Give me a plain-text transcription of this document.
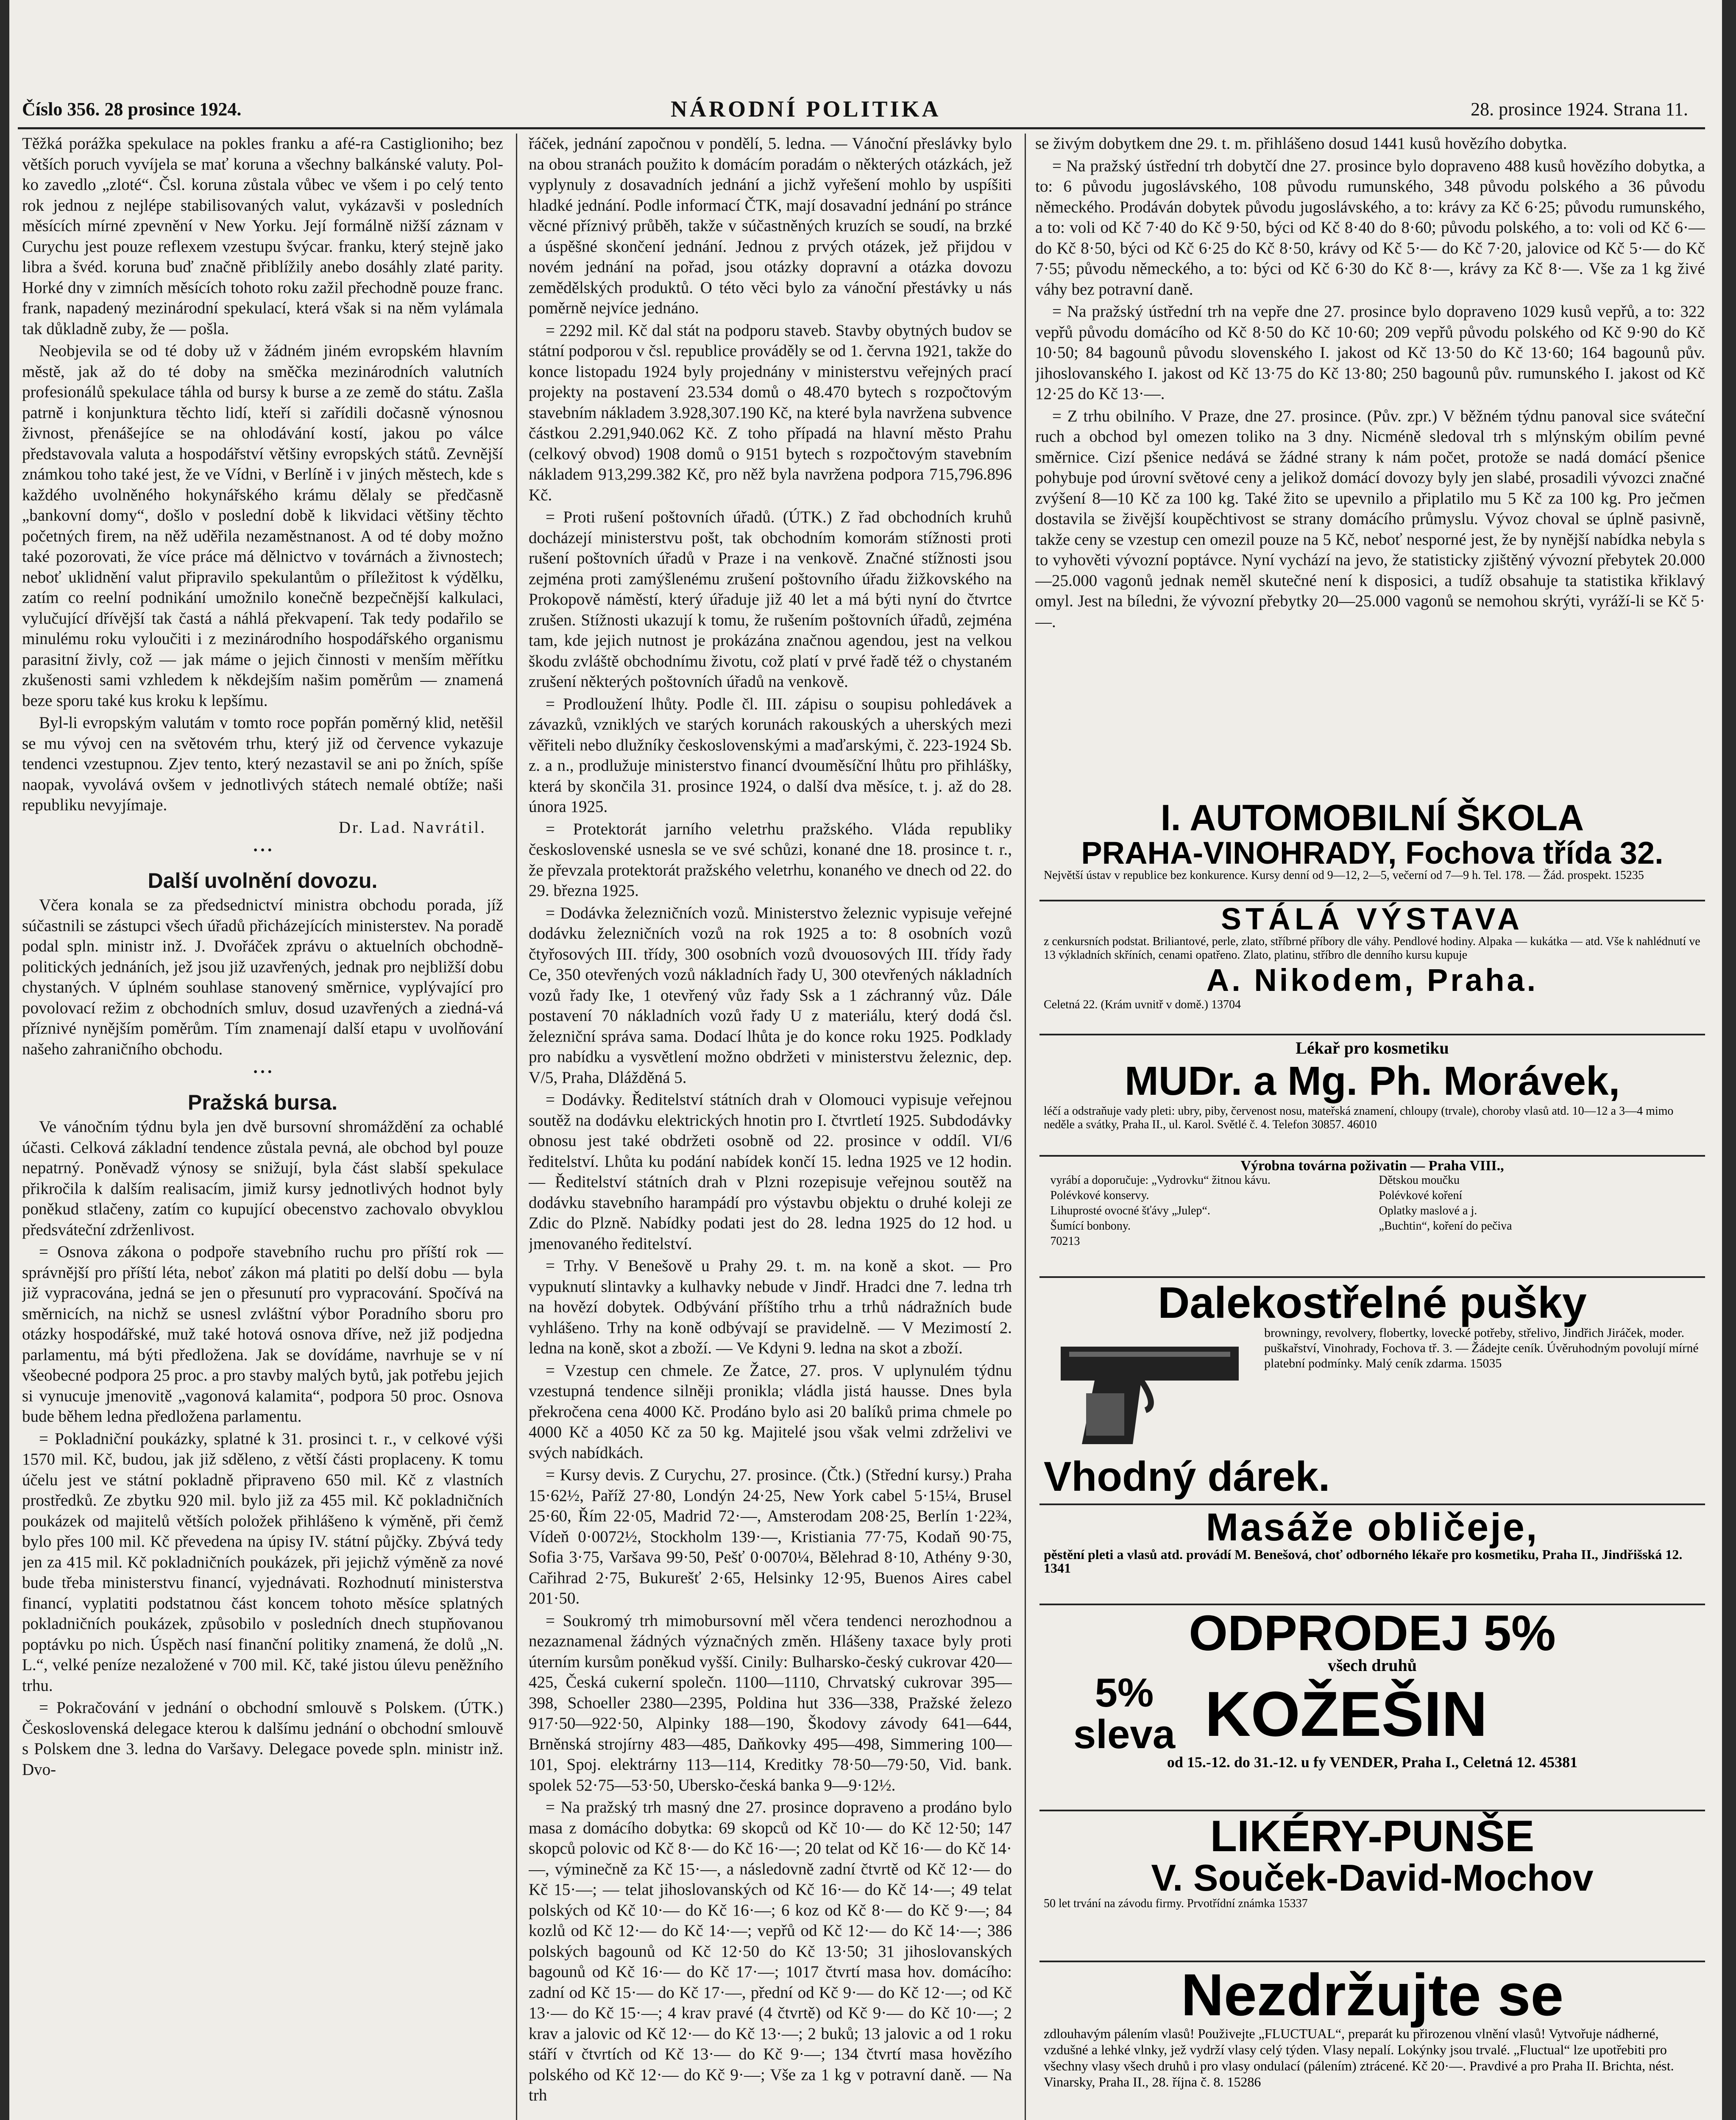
Číslo 356. 28 prosince 1924.	NÁRODNÍ POLITIKA	28. prosince 1924. Strana 11.

Těžká porážka spekulace na pokles franku a afé-ra Castiglioniho; bez větších poruch vyvíjela se mať koruna a všechny balkánské valuty. Pol-ko zavedlo „zloté“. Čsl. koruna zůstala vůbec ve všem i po celý tento rok jednou z nejlépe stabilisovaných valut, vykázavši v posledních měsících mírné zpevnění v New Yorku. Její formálně nižší záznam v Curychu jest pouze reflexem vzestupu švýcar. franku, který stejně jako libra a švéd. koruna buď značně přiblížily anebo dosáhly zlaté parity. Horké dny v zimních měsících tohoto roku zažil přechodně pouze franc. frank, napadený mezinárodní spekulací, která však si na něm vylámala tak důkladně zuby, že — pošla.

Neobjevila se od té doby už v žádném jiném evropském hlavním městě, jak až do té doby na směčka mezinárodních valutních profesionálů spekulace táhla od bursy k burse a ze země do státu. Zašla patrně i konjunktura těchto lidí, kteří si zařídili dočasně výnosnou živnost, přenášejíce se na ohlodávání kostí, jakou po válce představovala valuta a hospodářství většiny evropských států. Zevnější známkou toho také jest, že ve Vídni, v Berlíně i v jiných městech, kde s každého uvolněného hokynářského krámu dělaly se předčasně „bankovní domy“, došlo v poslední době k likvidaci většiny těchto početných firem, na něž uděřila nezaměstnanost. A od té doby možno také pozorovati, že více práce má dělnictvo v továrnách a živnostech; neboť uklidnění valut připravilo spekulantům o příležitost k výdělku, zatím co reelní podnikání umožnilo konečně bezpečnější kalkulaci, vylučující dřívější tak častá a náhlá překvapení. Tak tedy podařilo se minulému roku vyloučiti i z mezinárodního hospodářského organismu parasitní živly, což — jak máme o jejich činnosti v menším měřítku zkušenosti sami vzhledem k někdejším našim poměrům — znamená beze sporu také kus kroku k lepšímu.

Byl-li evropským valutám v tomto roce popřán poměrný klid, netěšil se mu vývoj cen na světovém trhu, který již od července vykazuje tendenci vzestupnou. Zjev tento, který nezastavil se ani po žních, spíše naopak, vyvolává ovšem v jednotlivých státech nemalé obtíže; naši republiku nevyjímaje.

Dr. Lad. Navrátil.
• • •
Další uvolnění dovozu.

Včera konala se za předsednictví ministra obchodu porada, jíž súčastnili se zástupci všech úřadů přicházejících ministerstev. Na poradě podal spln. ministr inž. J. Dvořáček zprávu o aktuelních obchodně-politických jednáních, jež jsou již uzavřených, jednak pro nejbližší dobu chystaných. V úplném souhlase stanovený směrnice, vyplývající pro povolovací režim z obchodních smluv, dosud uzavřených a ziedná-vá příznivé nynějším poměrům. Tím znamenají další etapu v uvolňování našeho zahraničního obchodu.

• • •
Pražská bursa.

Ve vánočním týdnu byla jen dvě bursovní shromáždění za ochablé účasti. Celková základní tendence zůstala pevná, ale obchod byl pouze nepatrný. Poněvadž výnosy se snižují, byla část slabší spekulace přikročila k dalším realisacím, jimiž kursy jednotlivých hodnot byly poněkud stlačeny, zatím co kupující obecenstvo zachovalo obvyklou předsváteční zdrženlivost.

= Osnova zákona o podpoře stavebního ruchu pro příští rok — správnější pro příští léta, neboť zákon má platiti po delší dobu — byla již vypracována, jedná se jen o přesunutí pro vypracování. Spočívá na směrnicích, na nichž se usnesl zvláštní výbor Poradního sboru pro otázky hospodářské, muž také hotová osnova dříve, než již podjedna parlamentu, má býti předložena. Jak se dovídáme, navrhuje se v ní všeobecné podpora 25 proc. a pro stavby malých bytů, jak potřebu jejich si vynucuje jmenovitě „vagonová kalamita“, podpora 50 proc. Osnova bude během ledna předložena parlamentu.

= Pokladniční poukázky, splatné k 31. prosinci t. r., v celkové výši 1570 mil. Kč, budou, jak již sděleno, z větší části proplaceny. K tomu účelu jest ve státní pokladně připraveno 650 mil. Kč z vlastních prostředků. Ze zbytku 920 mil. bylo již za 455 mil. Kč pokladničních poukázek od majitelů větších položek přihlášeno k výměně, při čemž bylo přes 100 mil. Kč převedena na úpisy IV. státní půjčky. Zbývá tedy jen za 415 mil. Kč pokladničních poukázek, při jejichž výměně za nové bude třeba ministerstvu financí, vyjednávati. Rozhodnutí ministerstva financí, vyplatiti podstatnou část koncem tohoto měsíce splatných pokladničních poukázek, způsobilo v posledních dnech stupňovanou poptávku po nich. Úspěch nasí finanční politiky znamená, že dolů „N. L.“, velké peníze nezaložené v 700 mil. Kč, také jistou úlevu peněžního trhu.

= Pokračování v jednání o obchodní smlouvě s Polskem. (ÚTK.) Československá delegace kterou k dalšímu jednání o obchodní smlouvě s Polskem dne 3. ledna do Varšavy. Delegace povede spln. ministr inž. Dvo-

řáček, jednání započnou v pondělí, 5. ledna. — Vánoční přeslávky bylo na obou stranách použito k domácím poradám o některých otázkách, jež vyplynuly z dosavadních jednání a jichž vyřešení mohlo by uspíšiti hladké jednání. Podle informací ČTK, mají dosavadní jednání po stránce věcné příznivý průběh, takže v súčastněných kruzích se soudí, na brzké a úspěšné skončení jednání. Jednou z prvých otázek, jež přijdou v novém jednání na pořad, jsou otázky dopravní a otázka dovozu zemědělských produktů. O této věci bylo za vánoční přestávky u nás poměrně nejvíce jednáno.

= 2292 mil. Kč dal stát na podporu staveb. Stavby obytných budov se státní podporou v čsl. republice prováděly se od 1. června 1921, takže do konce listopadu 1924 byly projednány v ministerstvu veřejných prací projekty na postavení 23.534 domů o 48.470 bytech s rozpočtovým stavebním nákladem 3.928,307.190 Kč, na které byla navržena subvence částkou 2.291,940.062 Kč. Z toho případá na hlavní město Prahu (celkový obvod) 1908 domů o 9151 bytech s rozpočtovým stavebním nákladem 913,299.382 Kč, pro něž byla navržena podpora 715,796.896 Kč.

= Proti rušení poštovních úřadů. (ÚTK.) Z řad obchodních kruhů docházejí ministerstvu pošt, tak obchodním komorám stížnosti proti rušení poštovních úřadů v Praze i na venkově. Značné stížnosti jsou zejména proti zamýšlenému zrušení poštovního úřadu žižkovského na Prokopově náměstí, který úřaduje již 40 let a má býti nyní do čtvrtce zrušen. Stížnosti ukazují k tomu, že rušením poštovních úřadů, zejména tam, kde jejich nutnost je prokázána značnou agendou, jest na velkou škodu zvláště obchodnímu životu, což platí v prvé řadě též o chystaném zrušení některých poštovních úřadů na venkově.

= Prodloužení lhůty. Podle čl. III. zápisu o soupisu pohledávek a závazků, vzniklých ve starých korunách rakouských a uherských mezi věřiteli nebo dlužníky československými a maďarskými, č. 223-1924 Sb. z. a n., prodlužuje ministerstvo financí dvouměsíční lhůtu pro přihlášky, která by skončila 31. prosince 1924, o další dva měsíce, t. j. až do 28. února 1925.

= Protektorát jarního veletrhu pražského. Vláda republiky československé usnesla se ve své schůzi, konané dne 18. prosince t. r., že převzala protektorát pražského veletrhu, konaného ve dnech od 22. do 29. března 1925.

= Dodávka železničních vozů. Ministerstvo železnic vypisuje veřejné dodávku železničních vozů na rok 1925 a to: 8 osobních vozů čtyřosových III. třídy, 300 osobních vozů dvouosových III. třídy řady Ce, 350 otevřených vozů nákladních řady U, 300 otevřených nákladních vozů řady Ike, 1 otevřený vůz řady Ssk a 1 záchranný vůz. Dále postavení 70 nákladních vozů řady U z materiálu, který dodá čsl. železniční správa sama. Dodací lhůta je do konce roku 1925. Podklady pro nabídku a vysvětlení možno obdržeti v ministerstvu železnic, dep. V/5, Praha, Dlážděná 5.

= Dodávky. Ředitelství státních drah v Olomouci vypisuje veřejnou soutěž na dodávku elektrických hnotin pro I. čtvrtletí 1925. Subdodávky obnosu jest také obdržeti osobně od 22. prosince v oddíl. VI/6 ředitelství. Lhůta ku podání nabídek končí 15. ledna 1925 ve 12 hodin. — Ředitelství státních drah v Plzni rozepisuje veřejnou soutěž na dodávku stavebního harampádí pro výstavbu objektu o druhé koleji ze Zdic do Plzně. Nabídky podati jest do 28. ledna 1925 do 12 hod. u jmenovaného ředitelství.

= Trhy. V Benešově u Prahy 29. t. m. na koně a skot. — Pro vypuknutí slintavky a kulhavky nebude v Jindř. Hradci dne 7. ledna trh na hovězí dobytek. Odbývání příštího trhu a trhů nádražních bude vyhlášeno. Trhy na koně odbývají se pravidelně. — V Mezimostí 2. ledna na koně, skot a zboží. — Ve Kdyni 9. ledna na skot a zboží.

= Vzestup cen chmele. Ze Žatce, 27. pros. V uplynulém týdnu vzestupná tendence silněji pronikla; vládla jistá hausse. Dnes byla překročena cena 4000 Kč. Prodáno bylo asi 20 balíků prima chmele po 4000 Kč a 4050 Kč za 50 kg. Majitelé jsou však velmi zdrželivi ve svých nabídkách.

= Kursy devis. Z Curychu, 27. prosince. (Čtk.) (Střední kursy.) Praha 15·62½, Paříž 27·80, Londýn 24·25, New York cabel 5·15¼, Brusel 25·60, Řím 22·05, Madrid 72·—, Amsterodam 208·25, Berlín 1·22¾, Vídeň 0·0072½, Stockholm 139·—, Kristiania 77·75, Kodaň 90·75, Sofia 3·75, Varšava 99·50, Pešť 0·0070¼, Bělehrad 8·10, Athény 9·30, Cařihrad 2·75, Bukurešť 2·65, Helsinky 12·95, Buenos Aires cabel 201·50.

= Soukromý trh mimobursovní měl včera tendenci nerozhodnou a nezaznamenal žádných význačných změn. Hlášeny taxace byly proti úterním kursům poněkud vyšší. Cinily: Bulharsko-český cukrovar 420—425, Česká cukerní společn. 1100—1110, Chrvatský cukrovar 395—398, Schoeller 2380—2395, Poldina hut 336—338, Pražské železo 917·50—922·50, Alpinky 188—190, Škodovy závody 641—644, Brněnská strojírny 483—485, Daňkovky 495—498, Simmering 100—101, Spoj. elektrárny 113—114, Kreditky 78·50—79·50, Vid. bank. spolek 52·75—53·50, Ubersko-česká banka 9—9·12½.

= Na pražský trh masný dne 27. prosince dopraveno a prodáno bylo masa z domácího dobytka: 69 skopců od Kč 10·— do Kč 12·50; 147 skopců polovic od Kč 8·— do Kč 16·—; 20 telat od Kč 16·— do Kč 14·—, výminečně za Kč 15·—, a následovně zadní čtvrtě od Kč 12·— do Kč 15·—; — telat jihoslovanských od Kč 16·— do Kč 14·—; 49 telat polských od Kč 10·— do Kč 16·—; 6 koz od Kč 8·— do Kč 9·—; 84 kozlů od Kč 12·— do Kč 14·—; vepřů od Kč 12·— do Kč 14·—; 386 polských bagounů od Kč 12·50 do Kč 13·50; 31 jihoslovanských bagounů od Kč 16·— do Kč 17·—; 1017 čtvrtí masa hov. domácího: zadní od Kč 15·— do Kč 17·—, přední od Kč 9·— do Kč 12·—; od Kč 13·— do Kč 15·—; 4 krav pravé (4 čtvrtě) od Kč 9·— do Kč 10·—; 2 krav a jalovic od Kč 12·— do Kč 13·—; 2 buků; 13 jalovic a od 1 roku stáří v čtvrtích od Kč 13·— do Kč 9·—; 134 čtvrtí masa hovězího polského od Kč 12·— do Kč 9·—; Vše za 1 kg v potravní daně. — Na trh

se živým dobytkem dne 29. t. m. přihlášeno dosud 1441 kusů hovězího dobytka.

= Na pražský ústřední trh dobytčí dne 27. prosince bylo dopraveno 488 kusů hovězího dobytka, a to: 6 původu jugoslávského, 108 původu rumunského, 348 původu polského a 36 původu německého. Prodáván dobytek původu jugoslávského, a to: krávy za Kč 6·25; původu rumunského, a to: voli od Kč 7·40 do Kč 9·50, býci od Kč 8·40 do 8·60; původu polského, a to: voli od Kč 6·— do Kč 8·50, býci od Kč 6·25 do Kč 8·50, krávy od Kč 5·— do Kč 7·20, jalovice od Kč 5·— do Kč 7·55; původu německého, a to: býci od Kč 6·30 do Kč 8·—, krávy za Kč 8·—. Vše za 1 kg živé váhy bez potravní daně.

= Na pražský ústřední trh na vepře dne 27. prosince bylo dopraveno 1029 kusů vepřů, a to: 322 vepřů původu domácího od Kč 8·50 do Kč 10·60; 209 vepřů původu polského od Kč 9·90 do Kč 10·50; 84 bagounů původu slovenského I. jakost od Kč 13·50 do Kč 13·60; 164 bagounů pův. jihoslovanského I. jakost od Kč 13·75 do Kč 13·80; 250 bagounů pův. rumunského I. jakost od Kč 12·25 do Kč 13·—.

= Z trhu obilního. V Praze, dne 27. prosince. (Pův. zpr.) V běžném týdnu panoval sice sváteční ruch a obchod byl omezen toliko na 3 dny. Nicméně sledoval trh s mlýnským obilím pevné směrnice. Cizí pšenice nedává se žádné strany k nám počet, protože se nadá domácí pšenice pohybuje pod úrovní světové ceny a jelikož domácí dovozy byly jen slabé, prosadili vývozci značné zvýšení 8—10 Kč za 100 kg. Také žito se upevnilo a připlatilo mu 5 Kč za 100 kg. Pro ječmen dostavila se živější koupěchtivost se strany domácího průmyslu. Vývoz choval se úplně pasivně, takže ceny se vzestup cen omezil pouze na 5 Kč, neboť nesporné jest, že by nynější nabídka nebyla s to vyhověti vývozní poptávce. Nyní vychází na jevo, že statisticky zjištěný vývozní přebytek 20.000—25.000 vagonů jednak neměl skutečné není k disposici, a tudíž obsahuje ta statistika křiklavý omyl. Jest na bíledni, že vývozní přebytky 20—25.000 vagonů se nemohou skrýti, vyráží-li se Kč 5·—.

I. AUTOMOBILNÍ ŠKOLA
PRAHA-VINOHRADY, Fochova třída 32.
Největší ústav v republice bez konkurence. Kursy denní od 9—12, 2—5, večerní od 7—9 h. Tel. 178. — Žád. prospekt. 15235
STÁLÁ VÝSTAVA
z cenkursních podstat. Briliantové, perle, zlato, stříbrné příbory dle váhy. Pendlové hodiny. Alpaka — kukátka — atd. Vše k nahlédnutí ve 13 výkladních skříních, cenami opatřeno. Zlato, platinu, stříbro dle denního kursu kupuje
A. Nikodem, Praha.
Celetná 22. (Krám uvnitř v domě.) 13704
Lékař pro kosmetiku
MUDr. a Mg. Ph. Morávek,
léčí a odstraňuje vady pleti: ubry, piby, červenost nosu, mateřská znamení, chloupy (trvale), choroby vlasů atd. 10—12 a 3—4 mimo neděle a svátky, Praha II., ul. Karol. Světlé č. 4. Telefon 30857. 46010
Výrobna továrna poživatin — Praha VIII.,
vyrábí a doporučuje: „Vydrovku“ žitnou kávu.	Dětskou moučku
Polévkové konservy.	Polévkové koření
Lihuprosté ovocné šťávy „Julep“.	Oplatky maslové a j.
Šumící bonbony.	„Buchtin“, koření do pečiva
70213
Dalekostřelné pušky
browningy, revolvery, flobertky, lovecké potřeby, střelivo, Jindřich Jiráček, moder. puškařství, Vinohrady, Fochova tř. 3. — Žádejte ceník. Úvěruhodným povolují mírné platební podmínky. Malý ceník zdarma. 15035
Vhodný dárek.
Masáže obličeje,
pěstění pleti a vlasů atd. provádí M. Benešová, choť odborného lékaře pro kosmetiku, Praha II., Jindřišská 12. 1341
ODPRODEJ 5%
všech druhů
5% sleva KOŽEŠIN
od 15.-12. do 31.-12. u fy VENDER, Praha I., Celetná 12. 45381
LIKÉRY-PUNŠE
V. Souček-David-Mochov
50 let trvání na závodu firmy. Prvotřídní známka 15337
Nezdržujte se
zdlouhavým pálením vlasů! Použivejte „FLUCTUAL“, preparát ku přirozenou vlnění vlasů! Vytvořuje nádherné, vzdušné a lehké vlnky, jež vydrží vlasy celý týden. Vlasy nepalí. Lokýnky jsou trvalé. „Fluctual“ lze upotřebiti pro všechny vlasy všech druhů i pro vlasy ondulací (pálením) ztrácené. Kč 20·—. Pravdivé a pro Praha II. Brichta, nést. Vinarsky, Praha II., 28. října č. 8. 15286
